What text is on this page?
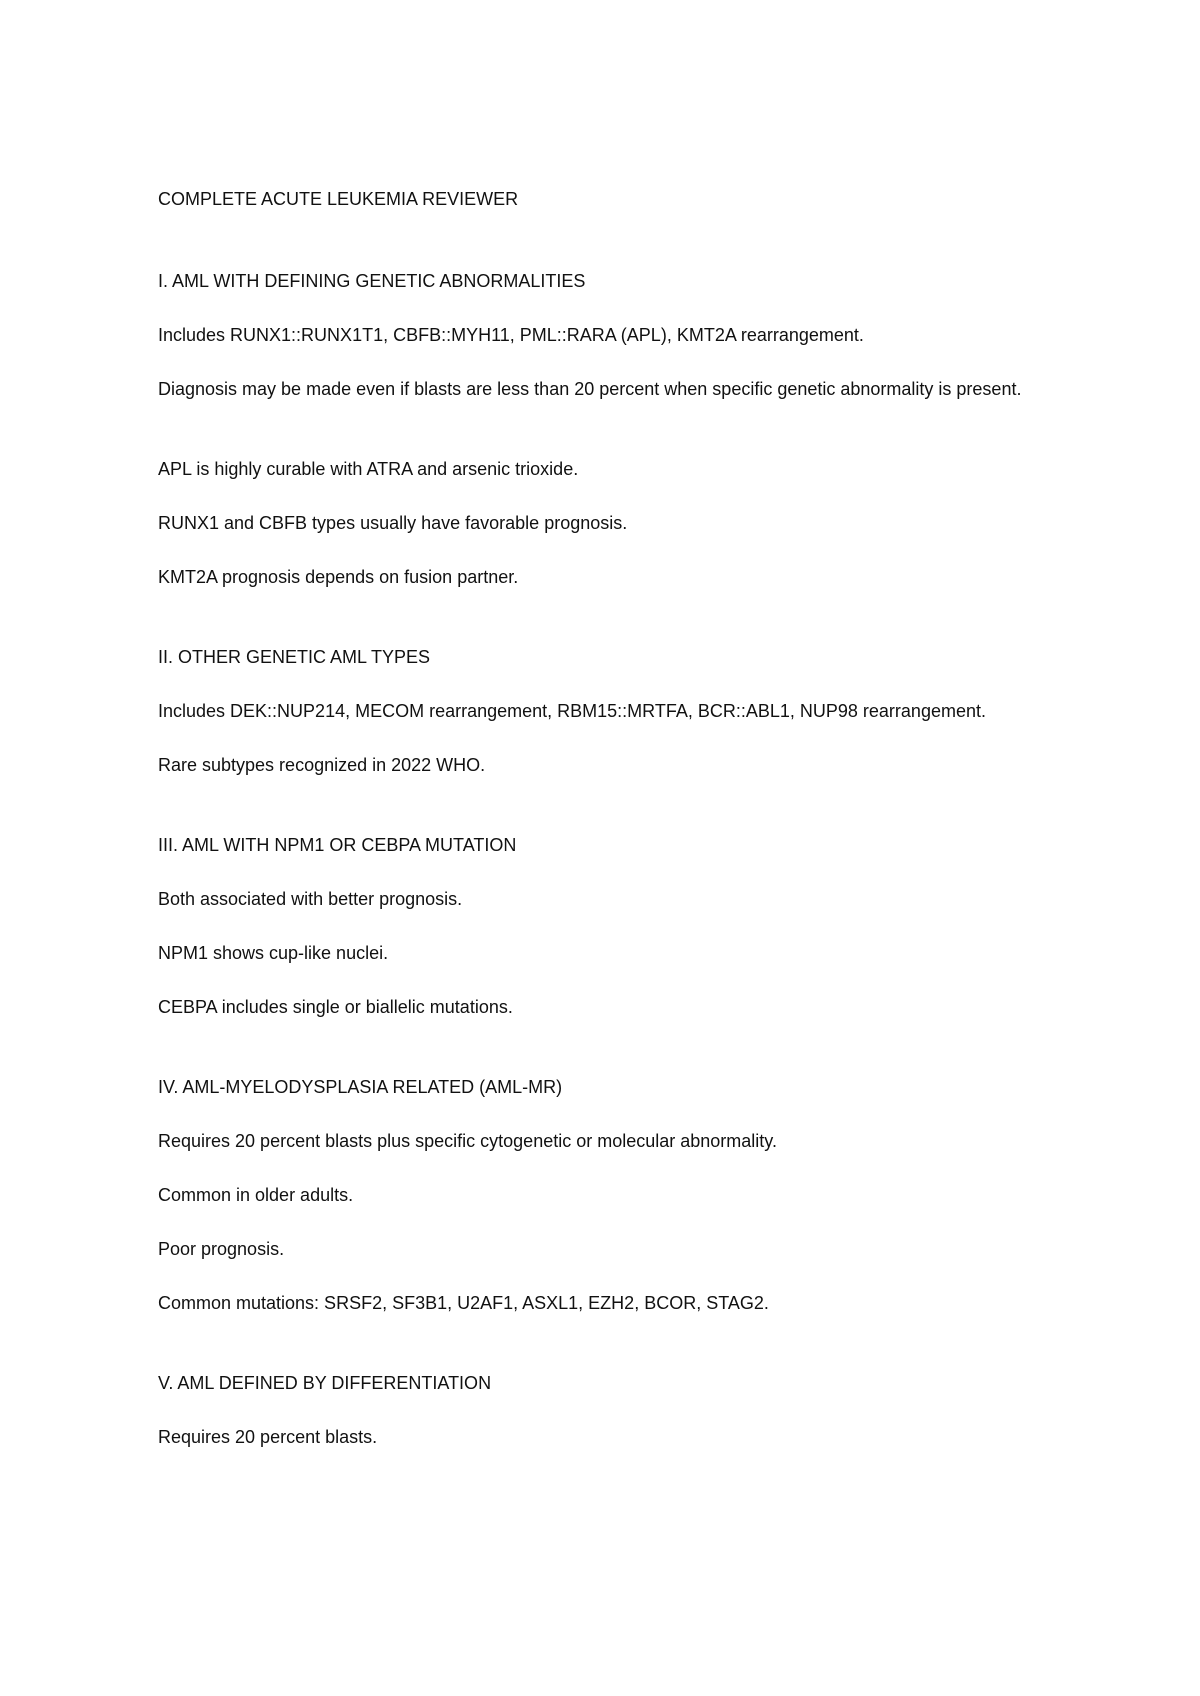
COMPLETE ACUTE LEUKEMIA REVIEWER
I. AML WITH DEFINING GENETIC ABNORMALITIES

Includes RUNX1::RUNX1T1, CBFB::MYH11, PML::RARA (APL), KMT2A rearrangement.

Diagnosis may be made even if blasts are less than 20 percent when specific genetic abnormality is present.

APL is highly curable with ATRA and arsenic trioxide.

RUNX1 and CBFB types usually have favorable prognosis.

KMT2A prognosis depends on fusion partner.

II. OTHER GENETIC AML TYPES

Includes DEK::NUP214, MECOM rearrangement, RBM15::MRTFA, BCR::ABL1, NUP98 rearrangement.

Rare subtypes recognized in 2022 WHO.

III. AML WITH NPM1 OR CEBPA MUTATION

Both associated with better prognosis.

NPM1 shows cup-like nuclei.

CEBPA includes single or biallelic mutations.

IV. AML-MYELODYSPLASIA RELATED (AML-MR)

Requires 20 percent blasts plus specific cytogenetic or molecular abnormality.

Common in older adults.

Poor prognosis.

Common mutations: SRSF2, SF3B1, U2AF1, ASXL1, EZH2, BCOR, STAG2.

V. AML DEFINED BY DIFFERENTIATION

Requires 20 percent blasts.
